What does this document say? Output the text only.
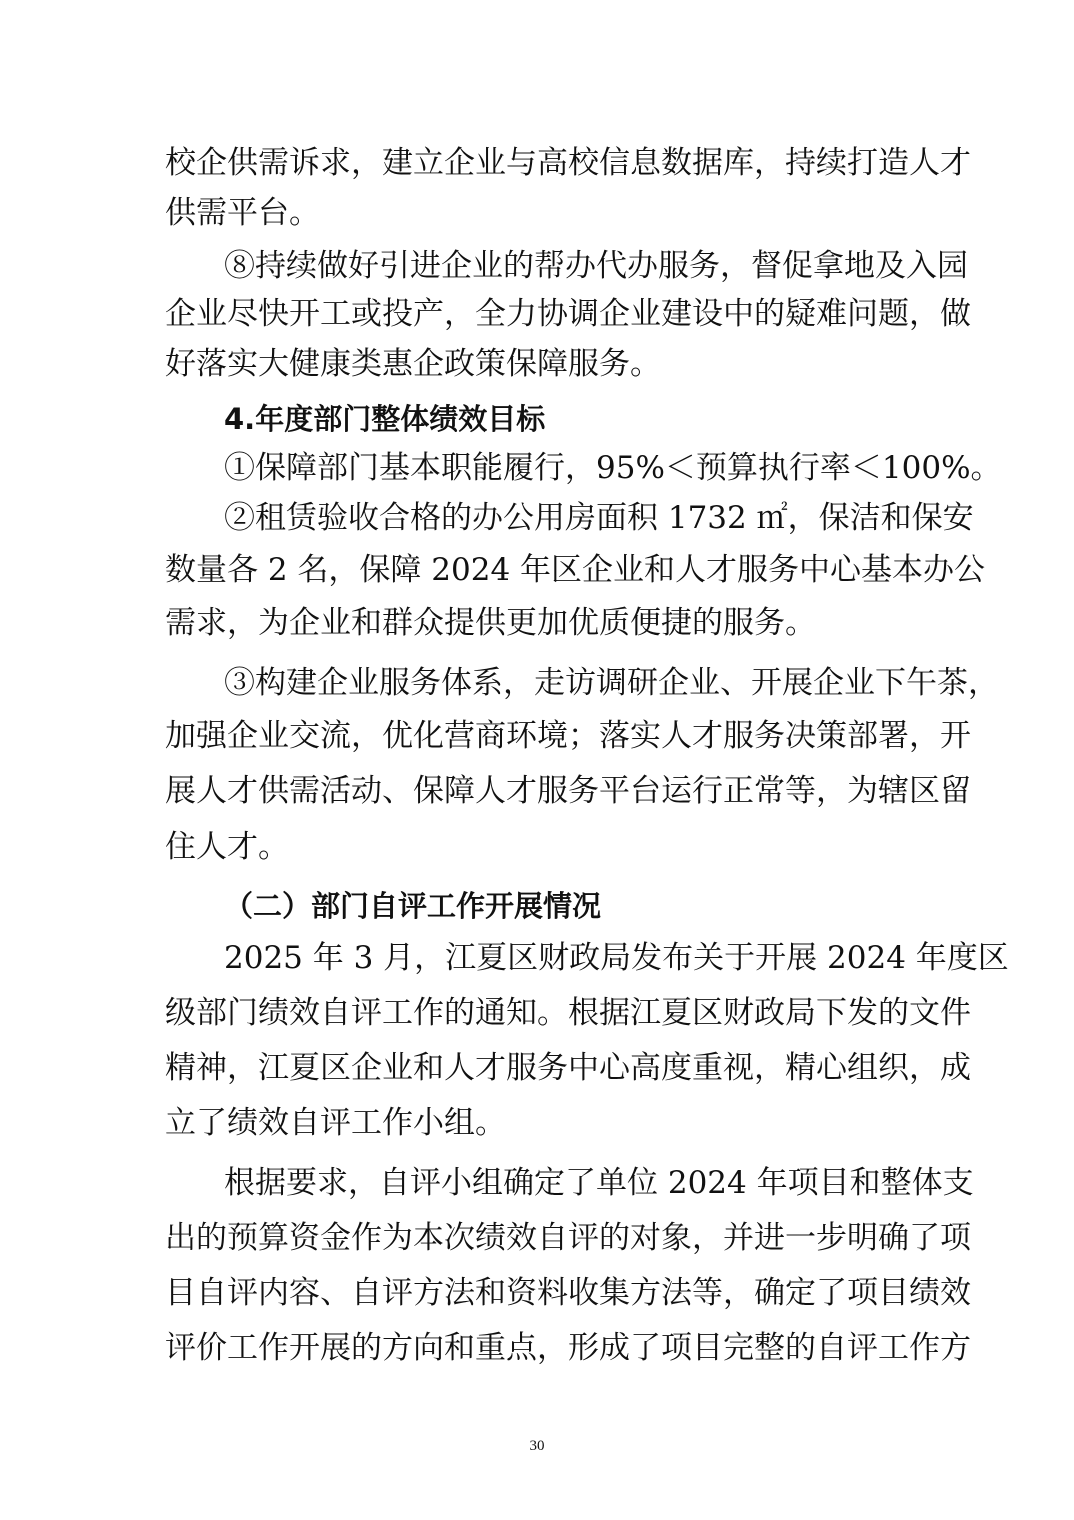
校企供需诉求，建立企业与高校信息数据库，持续打造人才
供需平台。
⑧持续做好引进企业的帮办代办服务，督促拿地及入园
企业尽快开工或投产，全力协调企业建设中的疑难问题，做
好落实大健康类惠企政策保障服务。
4.年度部门整体绩效目标
①保障部门基本职能履行，95%＜预算执行率＜100%。
②租赁验收合格的办公用房面积 1732 ㎡，保洁和保安
数量各 2 名，保障 2024 年区企业和人才服务中心基本办公
需求，为企业和群众提供更加优质便捷的服务。
③构建企业服务体系，走访调研企业、开展企业下午茶，
加强企业交流，优化营商环境；落实人才服务决策部署，开
展人才供需活动、保障人才服务平台运行正常等，为辖区留
住人才。
（二）部门自评工作开展情况
2025 年 3 月，江夏区财政局发布关于开展 2024 年度区
级部门绩效自评工作的通知。根据江夏区财政局下发的文件
精神，江夏区企业和人才服务中心高度重视，精心组织，成
立了绩效自评工作小组。
根据要求，自评小组确定了单位 2024 年项目和整体支
出的预算资金作为本次绩效自评的对象，并进一步明确了项
目自评内容、自评方法和资料收集方法等，确定了项目绩效
评价工作开展的方向和重点，形成了项目完整的自评工作方
30
